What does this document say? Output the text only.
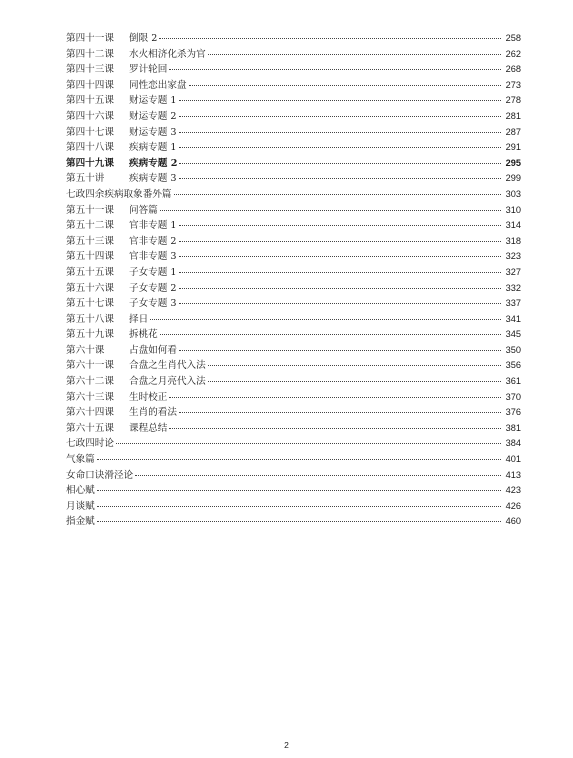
第四十一课	倒限 2	258
第四十二课	水火相济化杀为官	262
第四十三课	罗计轮回	268
第四十四课	同性恋出家盘	273
第四十五课	财运专题 1	278
第四十六课	财运专题 2	281
第四十七课	财运专题 3	287
第四十八课	疾病专题 1	291
第四十九课	疾病专题 2	295
第五十讲	疾病专题 3	299
七政四余疾病取象番外篇	303
第五十一课	问答篇	310
第五十二课	官非专题 1	314
第五十三课	官非专题 2	318
第五十四课	官非专题 3	323
第五十五课	子女专题 1	327
第五十六课	子女专题 2	332
第五十七课	子女专题 3	337
第五十八课	择日	341
第五十九课	拆桃花	345
第六十课	占盘如何看	350
第六十一课	合盘之生肖代入法	356
第六十二课	合盘之月亮代入法	361
第六十三课	生时校正	370
第六十四课	生肖的看法	376
第六十五课	课程总结	381
七政四时论	384
气象篇	401
女命口诀滑泾论	413
相心赋	423
月谈赋	426
指金赋	460
2
